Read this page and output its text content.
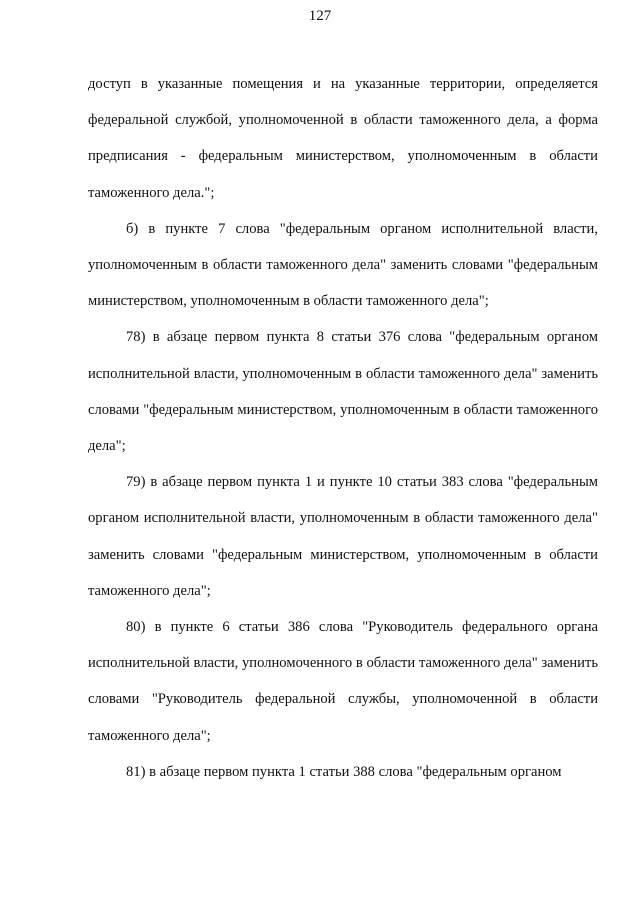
127

доступ в указанные помещения и на указанные территории, определяется федеральной службой, уполномоченной в области таможенного дела, а форма предписания - федеральным министерством, уполномоченным в области таможенного дела.";

б) в пункте 7 слова "федеральным органом исполнительной власти, уполномоченным в области таможенного дела" заменить словами "федеральным министерством, уполномоченным в области таможенного дела";

78) в абзаце первом пункта 8 статьи 376 слова "федеральным органом исполнительной власти, уполномоченным в области таможенного дела" заменить словами "федеральным министерством, уполномоченным в области таможенного дела";

79) в абзаце первом пункта 1 и пункте 10 статьи 383 слова "федеральным органом исполнительной власти, уполномоченным в области таможенного дела" заменить словами "федеральным министерством, уполномоченным в области таможенного дела";

80) в пункте 6 статьи 386 слова "Руководитель федерального органа исполнительной власти, уполномоченного в области таможенного дела" заменить словами "Руководитель федеральной службы, уполномоченной в области таможенного дела";

81) в абзаце первом пункта 1 статьи 388 слова "федеральным органом
